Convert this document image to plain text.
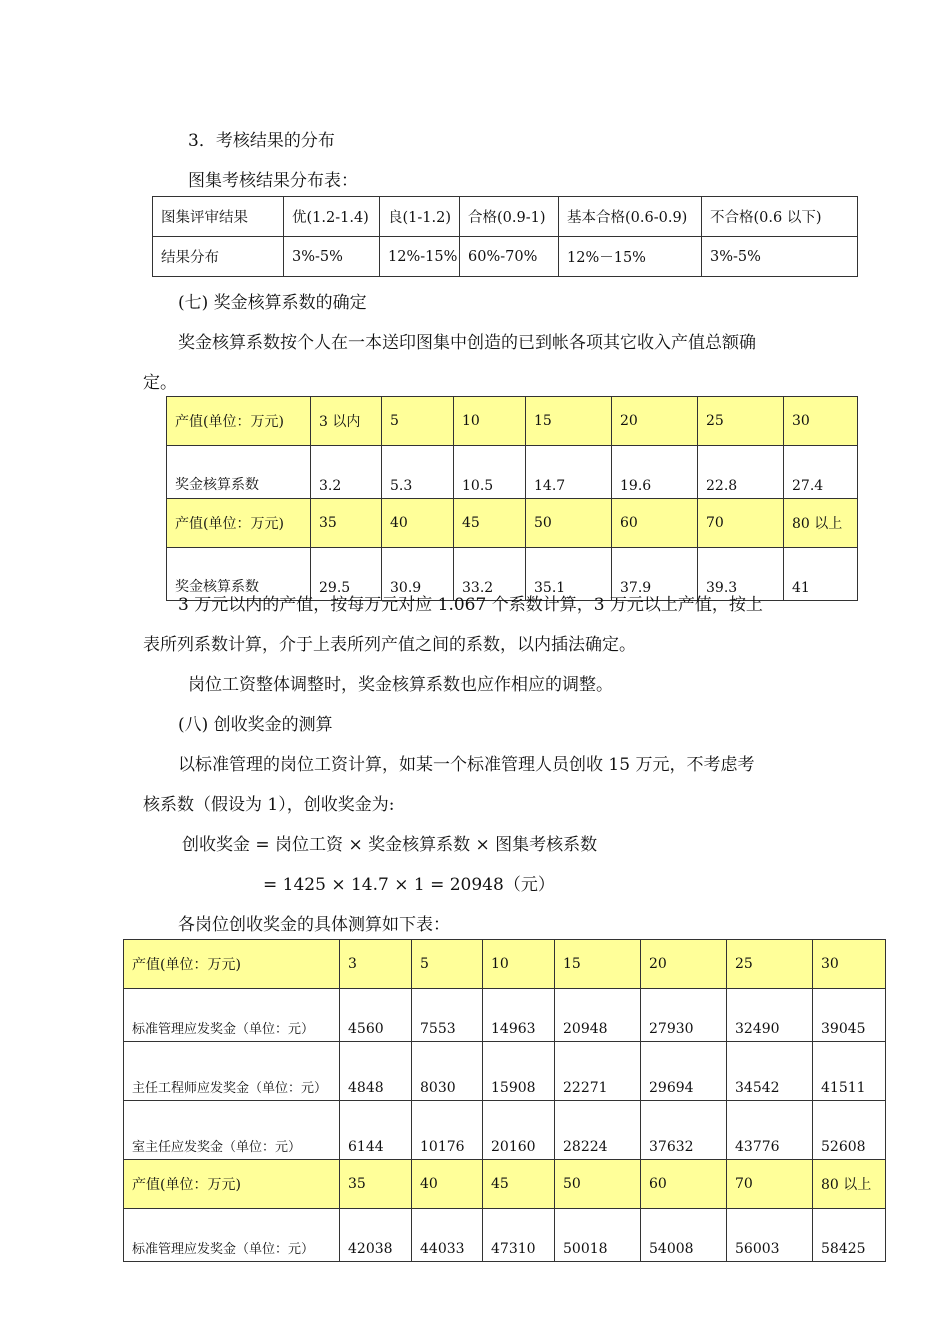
3．考核结果的分布
图集考核结果分布表：
图集评审结果	优(1.2-1.4)	良(1-1.2)	合格(0.9-1)	基本合格(0.6-0.9)	不合格(0.6 以下)
结果分布	3%-5%	12%-15%	60%-70%	12%－15%	3%-5%
(七) 奖金核算系数的确定
奖金核算系数按个人在一本送印图集中创造的已到帐各项其它收入产值总额确
定。
产值(单位：万元)	3 以内	5	10	15	20	25	30
奖金核算系数	3.2	5.3	10.5	14.7	19.6	22.8	27.4
产值(单位：万元)	35	40	45	50	60	70	80 以上
奖金核算系数	29.5	30.9	33.2	35.1	37.9	39.3	41
3 万元以内的产值，按每万元对应 1.067 个系数计算，3 万元以上产值，按上
表所列系数计算，介于上表所列产值之间的系数，以内插法确定。
岗位工资整体调整时，奖金核算系数也应作相应的调整。
(八) 创收奖金的测算
以标准管理的岗位工资计算，如某一个标准管理人员创收 15 万元，不考虑考
核系数（假设为 1），创收奖金为:
创收奖金 = 岗位工资 × 奖金核算系数 × 图集考核系数
= 1425 × 14.7 × 1 = 20948（元）
各岗位创收奖金的具体测算如下表：
产值(单位：万元)	3	5	10	15	20	25	30
标准管理应发奖金（单位：元）	4560	7553	14963	20948	27930	32490	39045
主任工程师应发奖金（单位：元）	4848	8030	15908	22271	29694	34542	41511
室主任应发奖金（单位：元）	6144	10176	20160	28224	37632	43776	52608
产值(单位：万元)	35	40	45	50	60	70	80 以上
标准管理应发奖金（单位：元）	42038	44033	47310	50018	54008	56003	58425
